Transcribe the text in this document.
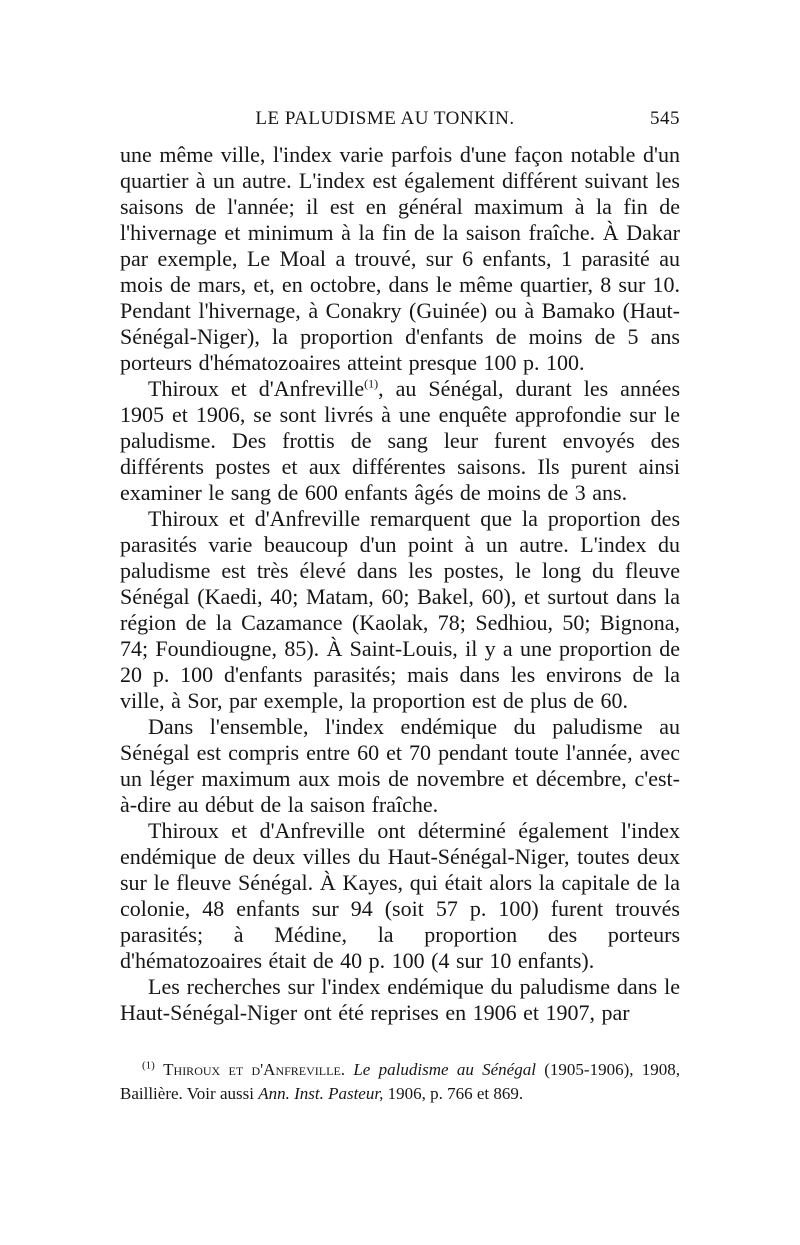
LE PALUDISME AU TONKIN.	545

une même ville, l'index varie parfois d'une façon notable d'un quartier à un autre. L'index est également différent suivant les saisons de l'année; il est en général maximum à la fin de l'hivernage et minimum à la fin de la saison fraîche. À Dakar par exemple, Le Moal a trouvé, sur 6 enfants, 1 parasité au mois de mars, et, en octobre, dans le même quartier, 8 sur 10. Pendant l'hivernage, à Conakry (Guinée) ou à Bamako (Haut-Sénégal-Niger), la proportion d'enfants de moins de 5 ans porteurs d'hématozoaires atteint presque 100 p. 100.

Thiroux et d'Anfreville$^{(1)}$, au Sénégal, durant les années 1905 et 1906, se sont livrés à une enquête approfondie sur le paludisme. Des frottis de sang leur furent envoyés des différents postes et aux différentes saisons. Ils purent ainsi examiner le sang de 600 enfants âgés de moins de 3 ans.

Thiroux et d'Anfreville remarquent que la proportion des parasités varie beaucoup d'un point à un autre. L'index du paludisme est très élevé dans les postes, le long du fleuve Sénégal (Kaedi, 40; Matam, 60; Bakel, 60), et surtout dans la région de la Cazamance (Kaolak, 78; Sedhiou, 50; Bignona, 74; Foundiougne, 85). À Saint-Louis, il y a une proportion de 20 p. 100 d'enfants parasités; mais dans les environs de la ville, à Sor, par exemple, la proportion est de plus de 60.

Dans l'ensemble, l'index endémique du paludisme au Sénégal est compris entre 60 et 70 pendant toute l'année, avec un léger maximum aux mois de novembre et décembre, c'est-à-dire au début de la saison fraîche.

Thiroux et d'Anfreville ont déterminé également l'index endémique de deux villes du Haut-Sénégal-Niger, toutes deux sur le fleuve Sénégal. À Kayes, qui était alors la capitale de la colonie, 48 enfants sur 94 (soit 57 p. 100) furent trouvés parasités; à Médine, la proportion des porteurs d'hématozoaires était de 40 p. 100 (4 sur 10 enfants).

Les recherches sur l'index endémique du paludisme dans le Haut-Sénégal-Niger ont été reprises en 1906 et 1907, par

$^{(1)}$ Thiroux et d'Anfreville. Le paludisme au Sénégal (1905-1906), 1908, Baillière. Voir aussi Ann. Inst. Pasteur, 1906, p. 766 et 869.
